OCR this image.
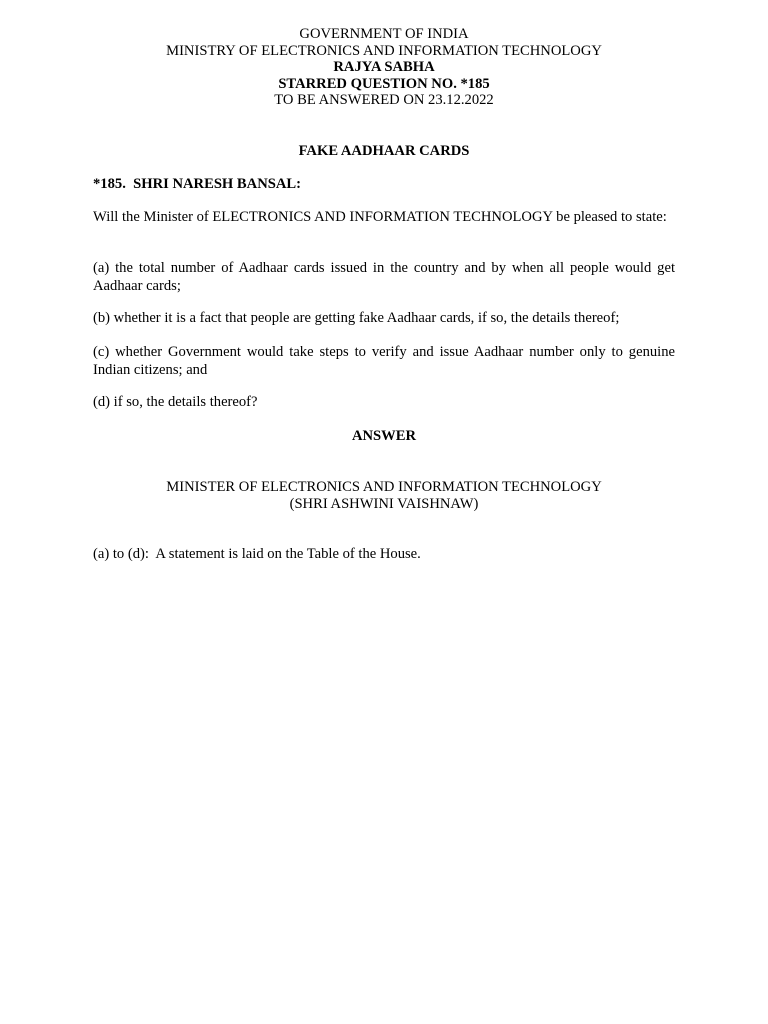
GOVERNMENT OF INDIA
MINISTRY OF ELECTRONICS AND INFORMATION TECHNOLOGY
RAJYA SABHA
STARRED QUESTION NO. *185
TO BE ANSWERED ON 23.12.2022
FAKE AADHAAR CARDS
*185.  SHRI NARESH BANSAL:
Will the Minister of ELECTRONICS AND INFORMATION TECHNOLOGY be pleased to state:
(a) the total number of Aadhaar cards issued in the country and by when all people would get Aadhaar cards;
(b) whether it is a fact that people are getting fake Aadhaar cards, if so, the details thereof;
(c) whether Government would take steps to verify and issue Aadhaar number only to genuine Indian citizens; and
(d) if so, the details thereof?
ANSWER
MINISTER OF ELECTRONICS AND INFORMATION TECHNOLOGY
(SHRI ASHWINI VAISHNAW)
(a) to (d):  A statement is laid on the Table of the House.
